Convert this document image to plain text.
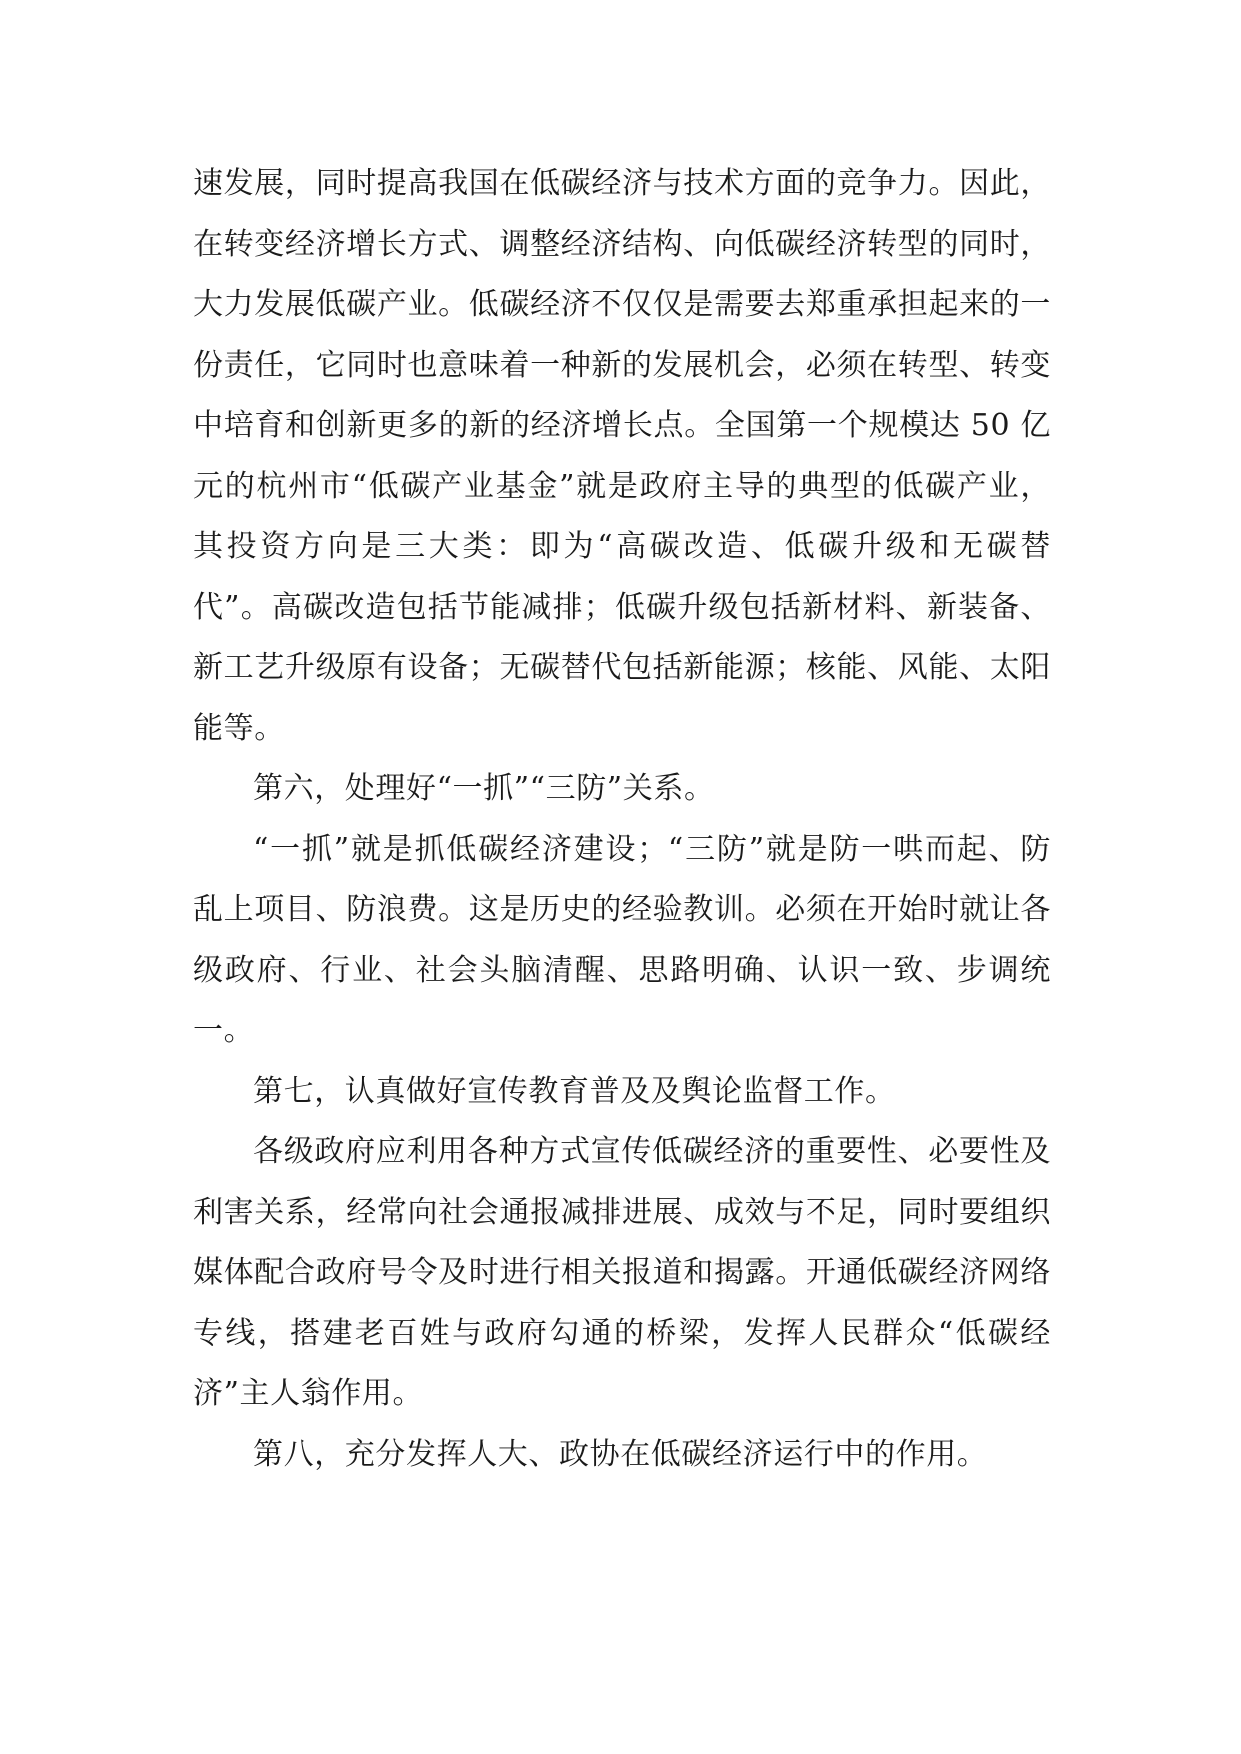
速发展，同时提高我国在低碳经济与技术方面的竞争力。因此，在转变经济增长方式、调整经济结构、向低碳经济转型的同时，大力发展低碳产业。低碳经济不仅仅是需要去郑重承担起来的一份责任，它同时也意味着一种新的发展机会，必须在转型、转变中培育和创新更多的新的经济增长点。全国第一个规模达 50 亿元的杭州市“低碳产业基金”就是政府主导的典型的低碳产业，其投资方向是三大类：即为“高碳改造、低碳升级和无碳替代”。高碳改造包括节能减排；低碳升级包括新材料、新装备、新工艺升级原有设备；无碳替代包括新能源；核能、风能、太阳能等。

第六，处理好“一抓”“三防”关系。

“一抓”就是抓低碳经济建设；“三防”就是防一哄而起、防乱上项目、防浪费。这是历史的经验教训。必须在开始时就让各级政府、行业、社会头脑清醒、思路明确、认识一致、步调统一。

第七，认真做好宣传教育普及及舆论监督工作。

各级政府应利用各种方式宣传低碳经济的重要性、必要性及利害关系，经常向社会通报减排进展、成效与不足，同时要组织媒体配合政府号令及时进行相关报道和揭露。开通低碳经济网络专线，搭建老百姓与政府勾通的桥梁，发挥人民群众“低碳经济”主人翁作用。

第八，充分发挥人大、政协在低碳经济运行中的作用。
